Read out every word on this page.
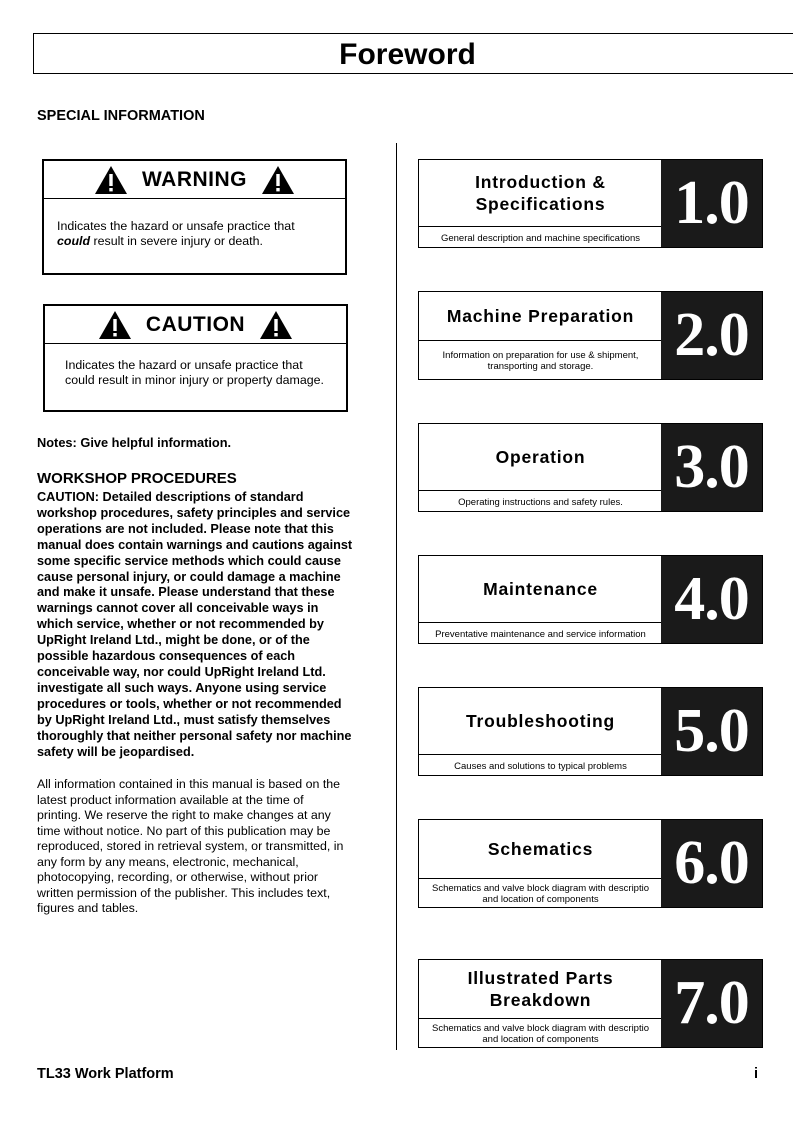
Foreword
SPECIAL INFORMATION
WARNING
Indicates the hazard or unsafe practice that
could result in severe injury or death.
CAUTION
Indicates the hazard or unsafe practice that
could result in minor injury or property damage.
Notes: Give helpful information.
WORKSHOP PROCEDURES
CAUTION: Detailed descriptions of standard
workshop procedures, safety principles and service
operations are not included. Please note that this
manual does contain warnings and cautions against
some specific service methods which could cause
cause personal injury, or could damage a machine
and make it unsafe. Please understand that these
warnings cannot cover all conceivable ways in
which service, whether or not recommended by
UpRight Ireland Ltd., might be done, or of the
possible hazardous consequences of each
conceivable way, nor could UpRight Ireland Ltd.
investigate all such ways. Anyone using service
procedures or tools, whether or not recommended
by UpRight Ireland Ltd., must satisfy themselves
thoroughly that neither personal safety nor machine
safety will be jeopardised.
All information contained in this manual is based on the
latest product information available at the time of
printing. We reserve the right to make changes at any
time without notice. No part of this publication may be
reproduced, stored in retrieval system, or transmitted, in
any form by any means, electronic, mechanical,
photocopying, recording, or otherwise, without prior
written permission of the publisher. This includes text,
figures and tables.
Introduction &
Specifications
General description and machine specifications
1.0
Machine Preparation
Information on preparation for use & shipment,
transporting and storage.	2.0
Operation
Operating instructions and safety rules.
3.0
Maintenance
Preventative maintenance and service information
4.0
Troubleshooting
Causes and solutions to typical problems
5.0
Schematics
Schematics and valve block diagram with descriptio
and location of components
6.0
Illustrated Parts
Breakdown
Schematics and valve block diagram with descriptio
and location of components
7.0
TL33 Work Platform	i
